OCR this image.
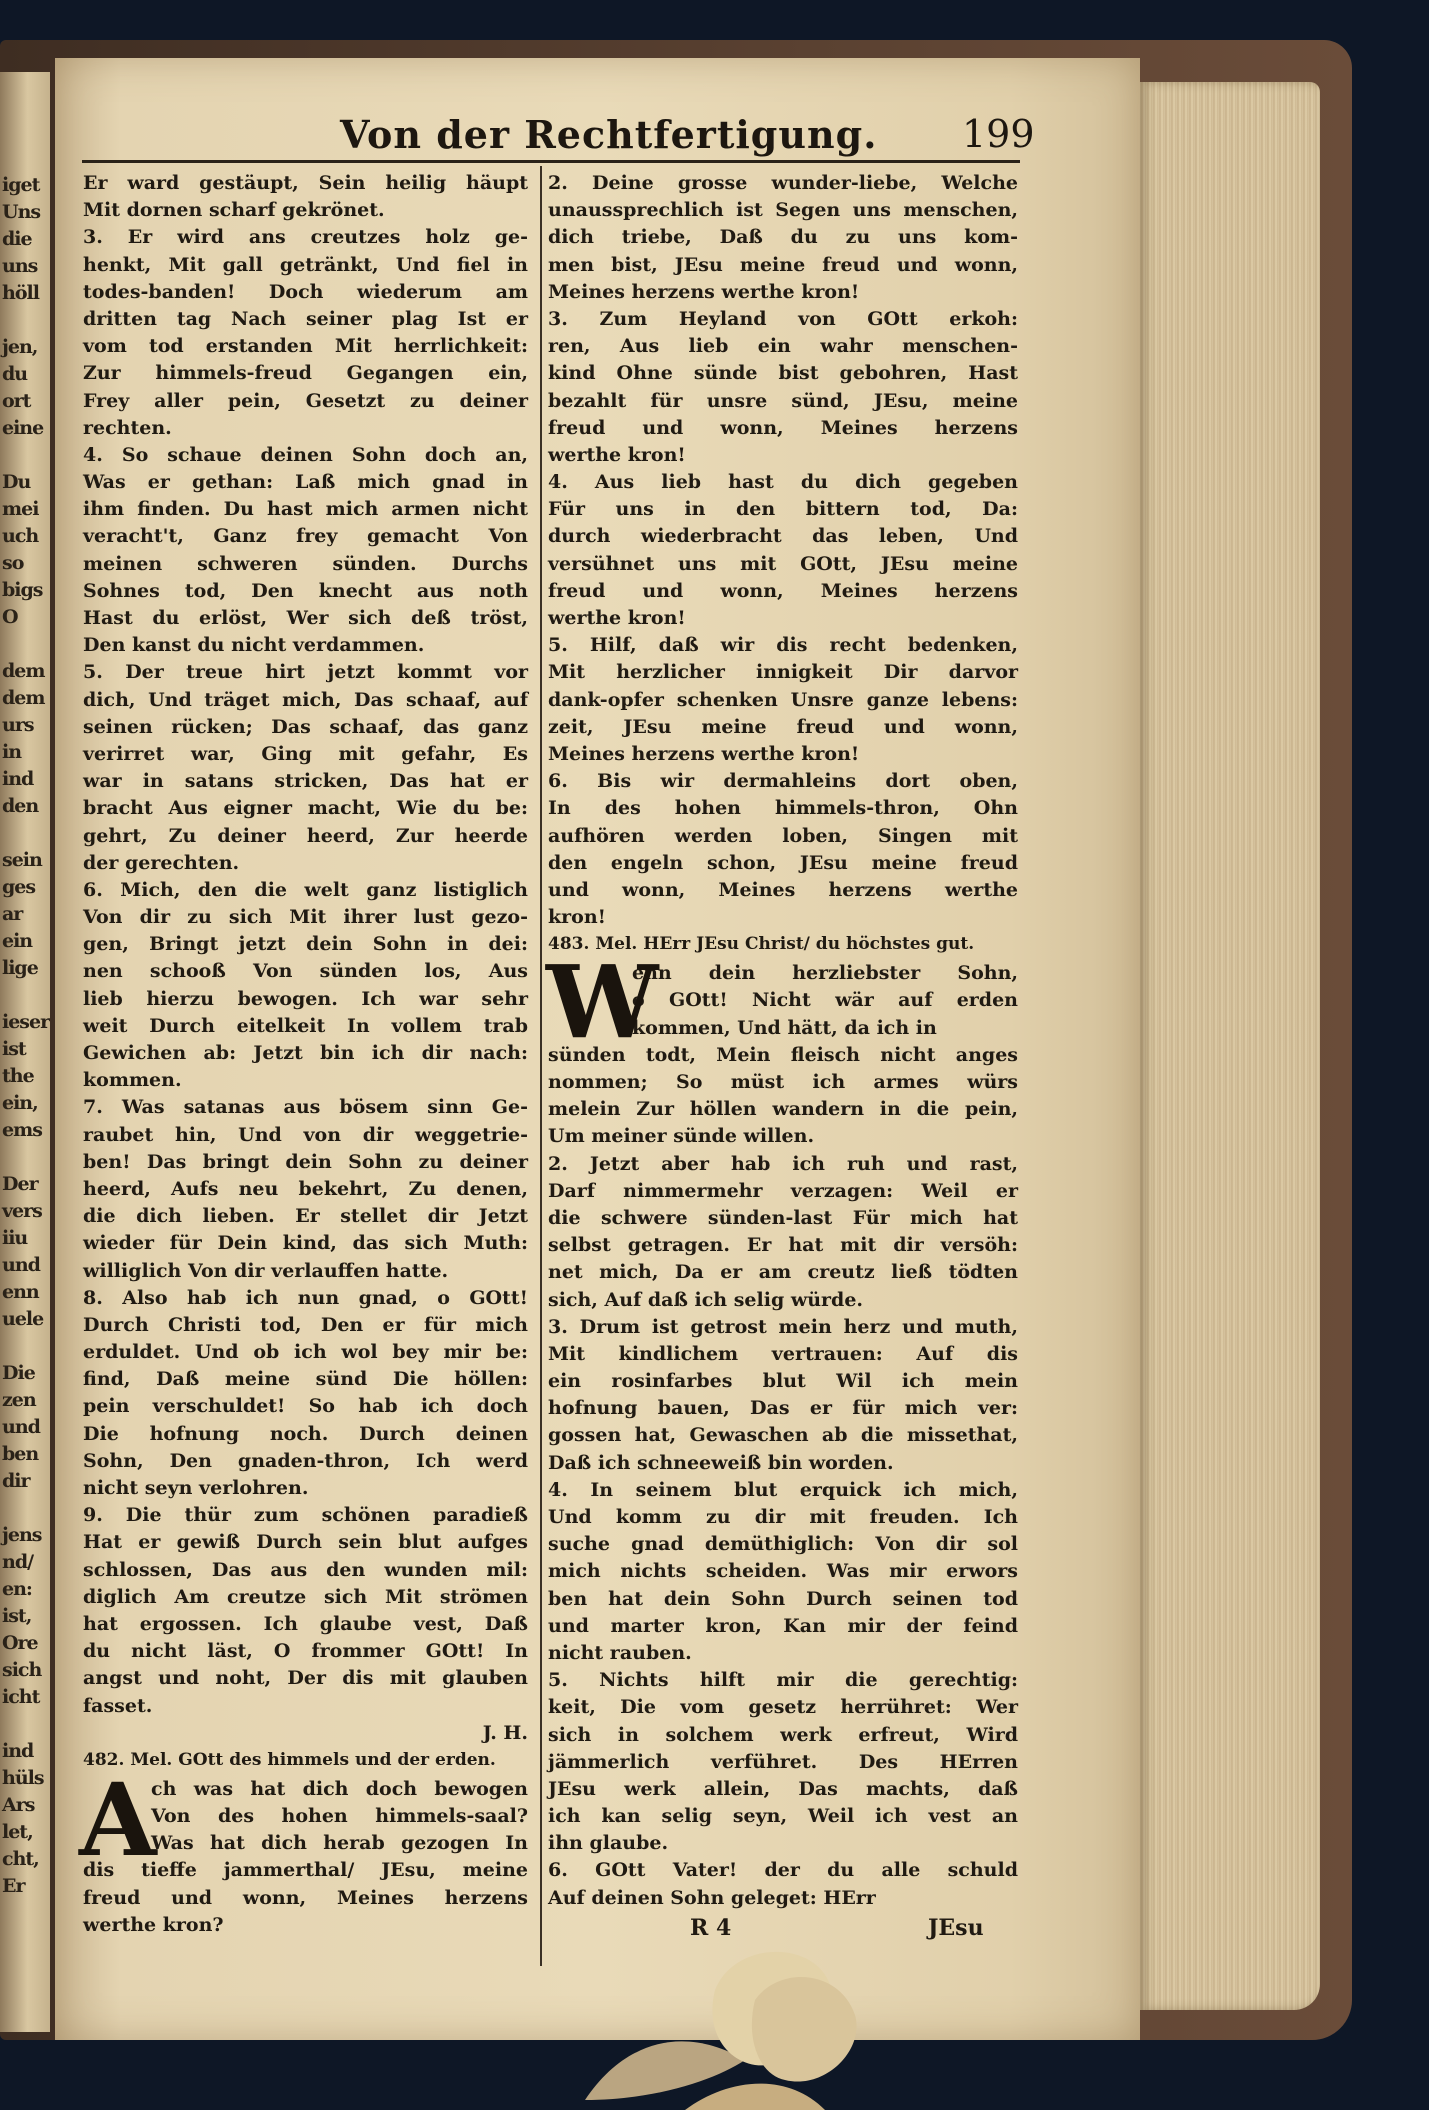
iget
Uns
die
uns
höll

jen,
du
ort
eine

Du
mei
uch
so
bigs
O

dem
dem
urs
in
ind
den

sein
ges
ar
ein
lige

ieser
ist
the
ein,
ems

Der
vers
iiu
und
enn
uele

Die
zen
und
ben
dir

jens
nd/
en:
ist,
Ore
sich
icht

ind
hüls
Ars
let,
cht,
Er
Von der Rechtfertigung. 199
Er ward gestäupt, Sein heilig häupt
Mit dornen scharf gekrönet.
3. Er wird ans creutzes holz ge-
henkt, Mit gall getränkt, Und fiel in
todes-banden! Doch wiederum am
dritten tag Nach seiner plag Ist er
vom tod erstanden Mit herrlichkeit:
Zur himmels-freud Gegangen ein,
Frey aller pein, Gesetzt zu deiner
rechten.
4. So schaue deinen Sohn doch an,
Was er gethan: Laß mich gnad in
ihm finden. Du hast mich armen nicht
veracht't, Ganz frey gemacht Von
meinen schweren sünden. Durchs
Sohnes tod, Den knecht aus noth
Hast du erlöst, Wer sich deß tröst,
Den kanst du nicht verdammen.
5. Der treue hirt jetzt kommt vor
dich, Und träget mich, Das schaaf, auf
seinen rücken; Das schaaf, das ganz
verirret war, Ging mit gefahr, Es
war in satans stricken, Das hat er
bracht Aus eigner macht, Wie du be:
gehrt, Zu deiner heerd, Zur heerde
der gerechten.
6. Mich, den die welt ganz listiglich
Von dir zu sich Mit ihrer lust gezo-
gen, Bringt jetzt dein Sohn in dei:
nen schooß Von sünden los, Aus
lieb hierzu bewogen. Ich war sehr
weit Durch eitelkeit In vollem trab
Gewichen ab: Jetzt bin ich dir nach:
kommen.
7. Was satanas aus bösem sinn Ge-
raubet hin, Und von dir weggetrie-
ben! Das bringt dein Sohn zu deiner
heerd, Aufs neu bekehrt, Zu denen,
die dich lieben. Er stellet dir Jetzt
wieder für Dein kind, das sich Muth:
williglich Von dir verlauffen hatte.
8. Also hab ich nun gnad, o GOtt!
Durch Christi tod, Den er für mich
erduldet. Und ob ich wol bey mir be:
find, Daß meine sünd Die höllen:
pein verschuldet! So hab ich doch
Die hofnung noch. Durch deinen
Sohn, Den gnaden-thron, Ich werd
nicht seyn verlohren.
9. Die thür zum schönen paradieß
Hat er gewiß Durch sein blut aufges
schlossen, Das aus den wunden mil:
diglich Am creutze sich Mit strömen
hat ergossen. Ich glaube vest, Daß
du nicht läst, O frommer GOtt! In
angst und noht, Der dis mit glauben
fasset.
J. H.
482. Mel. GOtt des himmels und der erden.
A
ch was hat dich doch bewogen
Von des hohen himmels-saal?
Was hat dich herab gezogen In
dis tieffe jammerthal/ JEsu, meine
freud und wonn, Meines herzens
werthe kron?
2. Deine grosse wunder-liebe, Welche
unaussprechlich ist Segen uns menschen,
dich triebe, Daß du zu uns kom-
men bist, JEsu meine freud und wonn,
Meines herzens werthe kron!
3. Zum Heyland von GOtt erkoh:
ren, Aus lieb ein wahr menschen-
kind Ohne sünde bist gebohren, Hast
bezahlt für unsre sünd, JEsu, meine
freud und wonn, Meines herzens
werthe kron!
4. Aus lieb hast du dich gegeben
Für uns in den bittern tod, Da:
durch wiederbracht das leben, Und
versühnet uns mit GOtt, JEsu meine
freud und wonn, Meines herzens
werthe kron!
5. Hilf, daß wir dis recht bedenken,
Mit herzlicher innigkeit Dir darvor
dank-opfer schenken Unsre ganze lebens:
zeit, JEsu meine freud und wonn,
Meines herzens werthe kron!
6. Bis wir dermahleins dort oben,
In des hohen himmels-thron, Ohn
aufhören werden loben, Singen mit
den engeln schon, JEsu meine freud
und wonn, Meines herzens werthe
kron!
483. Mel. HErr JEsu Christ/ du höchstes gut.
W
enn dein herzliebster Sohn,
o GOtt! Nicht wär auf erden
kommen, Und hätt, da ich in
sünden todt, Mein fleisch nicht anges
nommen; So müst ich armes würs
melein Zur höllen wandern in die pein,
Um meiner sünde willen.
2. Jetzt aber hab ich ruh und rast,
Darf nimmermehr verzagen: Weil er
die schwere sünden-last Für mich hat
selbst getragen. Er hat mit dir versöh:
net mich, Da er am creutz ließ tödten
sich, Auf daß ich selig würde.
3. Drum ist getrost mein herz und muth,
Mit kindlichem vertrauen: Auf dis
ein rosinfarbes blut Wil ich mein
hofnung bauen, Das er für mich ver:
gossen hat, Gewaschen ab die missethat,
Daß ich schneeweiß bin worden.
4. In seinem blut erquick ich mich,
Und komm zu dir mit freuden. Ich
suche gnad demüthiglich: Von dir sol
mich nichts scheiden. Was mir erwors
ben hat dein Sohn Durch seinen tod
und marter kron, Kan mir der feind
nicht rauben.
5. Nichts hilft mir die gerechtig:
keit, Die vom gesetz herrühret: Wer
sich in solchem werk erfreut, Wird
jämmerlich verführet. Des HErren
JEsu werk allein, Das machts, daß
ich kan selig seyn, Weil ich vest an
ihn glaube.
6. GOtt Vater! der du alle schuld
Auf deinen Sohn geleget: HErr
R 4	JEsu
